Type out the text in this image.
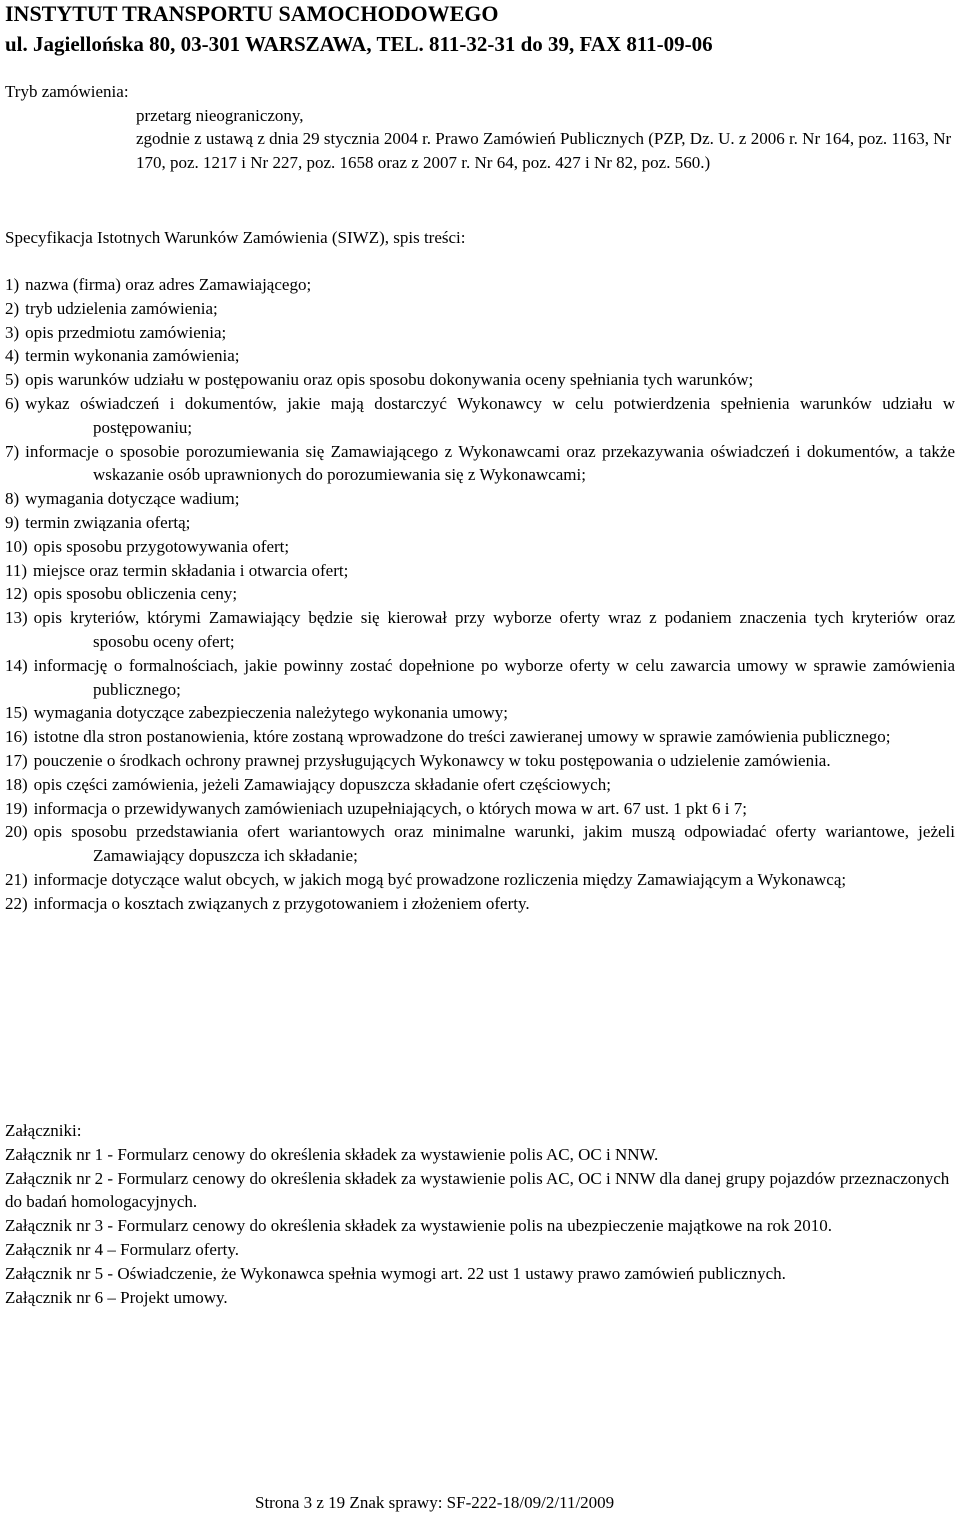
INSTYTUT TRANSPORTU SAMOCHODOWEGO
ul. Jagiellońska 80, 03-301 WARSZAWA, TEL. 811-32-31 do 39, FAX 811-09-06
Tryb zamówienia:
przetarg nieograniczony,
zgodnie z ustawą z dnia 29 stycznia 2004 r. Prawo Zamówień Publicznych (PZP, Dz. U. z 2006 r. Nr 164, poz. 1163, Nr 170, poz. 1217 i Nr 227, poz. 1658 oraz z 2007 r. Nr 64, poz. 427 i Nr 82, poz. 560.)
Specyfikacja Istotnych Warunków Zamówienia (SIWZ), spis treści:
1) nazwa (firma) oraz adres Zamawiającego;
2) tryb udzielenia zamówienia;
3) opis przedmiotu zamówienia;
4) termin wykonania zamówienia;
5) opis warunków udziału w postępowaniu oraz opis sposobu dokonywania oceny spełniania tych warunków;
6) wykaz oświadczeń i dokumentów, jakie mają dostarczyć Wykonawcy w celu potwierdzenia spełnienia warunków udziału w postępowaniu;
7) informacje o sposobie porozumiewania się Zamawiającego z Wykonawcami oraz przekazywania oświadczeń i dokumentów, a także wskazanie osób uprawnionych do porozumiewania się z Wykonawcami;
8) wymagania dotyczące wadium;
9) termin związania ofertą;
10) opis sposobu przygotowywania ofert;
11) miejsce oraz termin składania i otwarcia ofert;
12) opis sposobu obliczenia ceny;
13) opis kryteriów, którymi Zamawiający będzie się kierował przy wyborze oferty wraz z podaniem znaczenia tych kryteriów oraz sposobu oceny ofert;
14) informację o formalnościach, jakie powinny zostać dopełnione po wyborze oferty w celu zawarcia umowy w sprawie zamówienia publicznego;
15) wymagania dotyczące zabezpieczenia należytego wykonania umowy;
16) istotne dla stron postanowienia, które zostaną wprowadzone do treści zawieranej umowy w sprawie zamówienia publicznego;
17) pouczenie o środkach ochrony prawnej przysługujących Wykonawcy w toku postępowania o udzielenie zamówienia.
18) opis części zamówienia, jeżeli Zamawiający dopuszcza składanie ofert częściowych;
19) informacja o przewidywanych zamówieniach uzupełniających, o których mowa w art. 67 ust. 1 pkt 6 i 7;
20) opis sposobu przedstawiania ofert wariantowych oraz minimalne warunki, jakim muszą odpowiadać oferty wariantowe, jeżeli Zamawiający dopuszcza ich składanie;
21) informacje dotyczące walut obcych, w jakich mogą być prowadzone rozliczenia między Zamawiającym a Wykonawcą;
22) informacja o kosztach związanych z przygotowaniem i złożeniem oferty.
Załączniki:
Załącznik nr 1 - Formularz cenowy do określenia składek za wystawienie polis AC, OC i NNW.
Załącznik nr 2 - Formularz cenowy do określenia składek za wystawienie polis AC, OC i NNW dla danej grupy pojazdów przeznaczonych do badań homologacyjnych.
Załącznik nr 3 - Formularz cenowy do określenia składek za wystawienie polis na ubezpieczenie majątkowe na rok 2010.
Załącznik nr 4 – Formularz oferty.
Załącznik nr 5 - Oświadczenie, że Wykonawca spełnia wymogi art. 22 ust 1 ustawy prawo zamówień publicznych.
Załącznik nr 6 – Projekt umowy.
Strona 3 z 19 Znak sprawy: SF-222-18/09/2/11/2009
